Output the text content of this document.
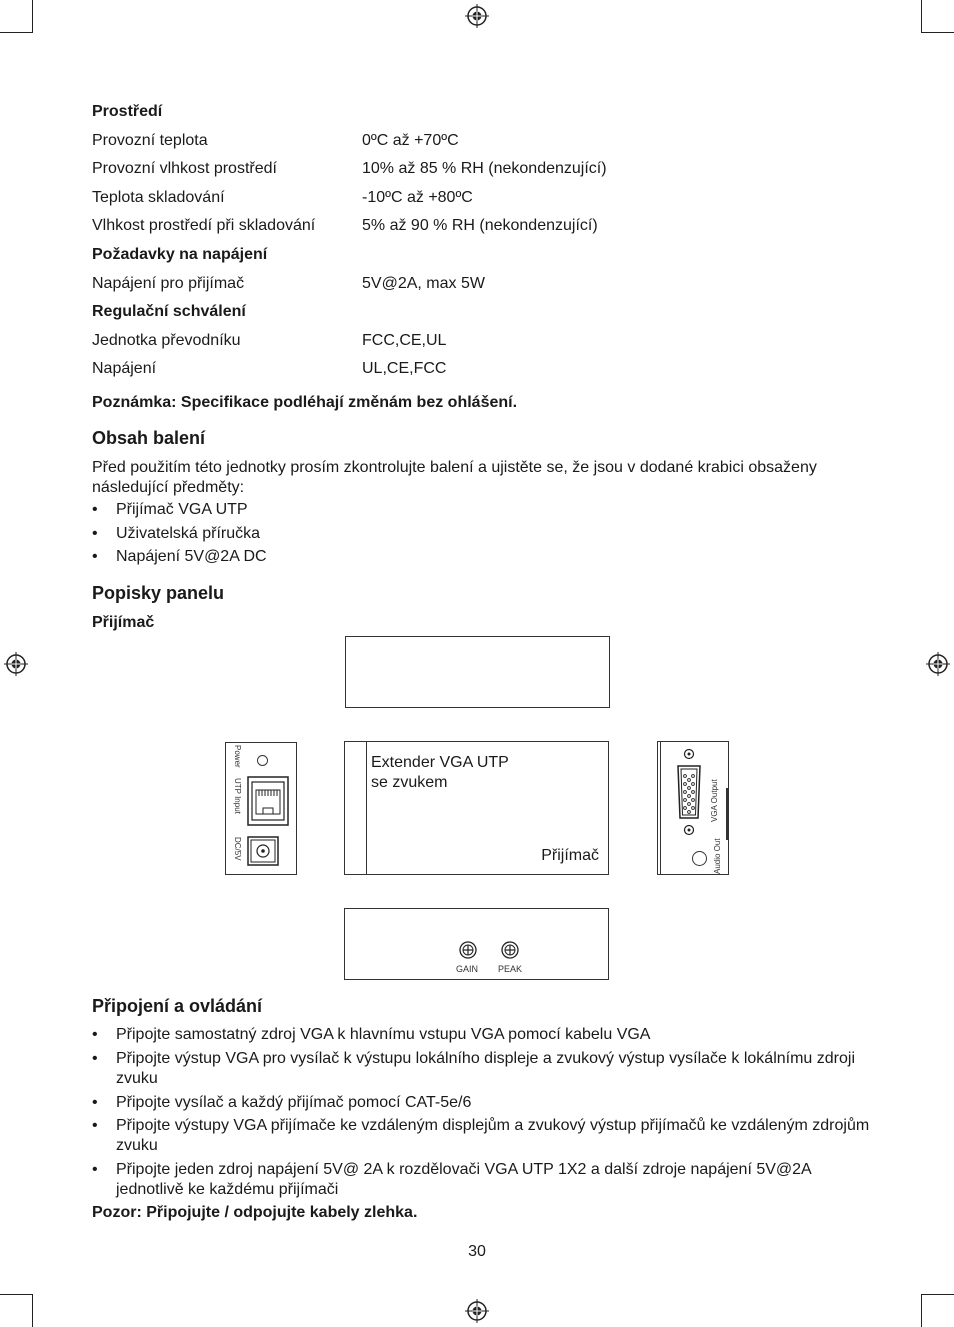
Prostředí
Provozní teplota	0ºC až +70ºC
Provozní vlhkost prostředí	10% až 85 % RH (nekondenzující)
Teplota skladování	-10ºC až +80ºC
Vlhkost prostředí při skladování	5% až 90 % RH (nekondenzující)
Požadavky na napájení
Napájení pro přijímač	5V@2A, max 5W
Regulační schválení
Jednotka převodníku	FCC,CE,UL
Napájení	UL,CE,FCC
Poznámka: Specifikace podléhají změnám bez ohlášení.
Obsah balení
Před použitím této jednotky prosím zkontrolujte balení a ujistěte se, že jsou v dodané krabici obsaženy následující předměty:
• Přijímač VGA UTP
• Uživatelská příručka
• Napájení 5V@2A DC
Popisky panelu
Přijímač
Power
UTP Input
DC/5V
Extender VGA UTP
se zvukem
Přijímač
VGA Output
Audio Out
GAIN PEAK
Připojení a ovládání
• Připojte samostatný zdroj VGA k hlavnímu vstupu VGA pomocí kabelu VGA
• Připojte výstup VGA pro vysílač k výstupu lokálního displeje a zvukový výstup vysílače k lokálnímu zdroji zvuku
• Připojte vysílač a každý přijímač pomocí CAT-5e/6
• Připojte výstupy VGA přijímače ke vzdáleným displejům a zvukový výstup přijímačů ke vzdáleným zdrojům zvuku
• Připojte jeden zdroj napájení 5V@ 2A k rozdělovači VGA UTP 1X2 a další zdroje napájení 5V@2A jednotlivě ke každému přijímači
Pozor: Připojujte / odpojujte kabely zlehka.
30
